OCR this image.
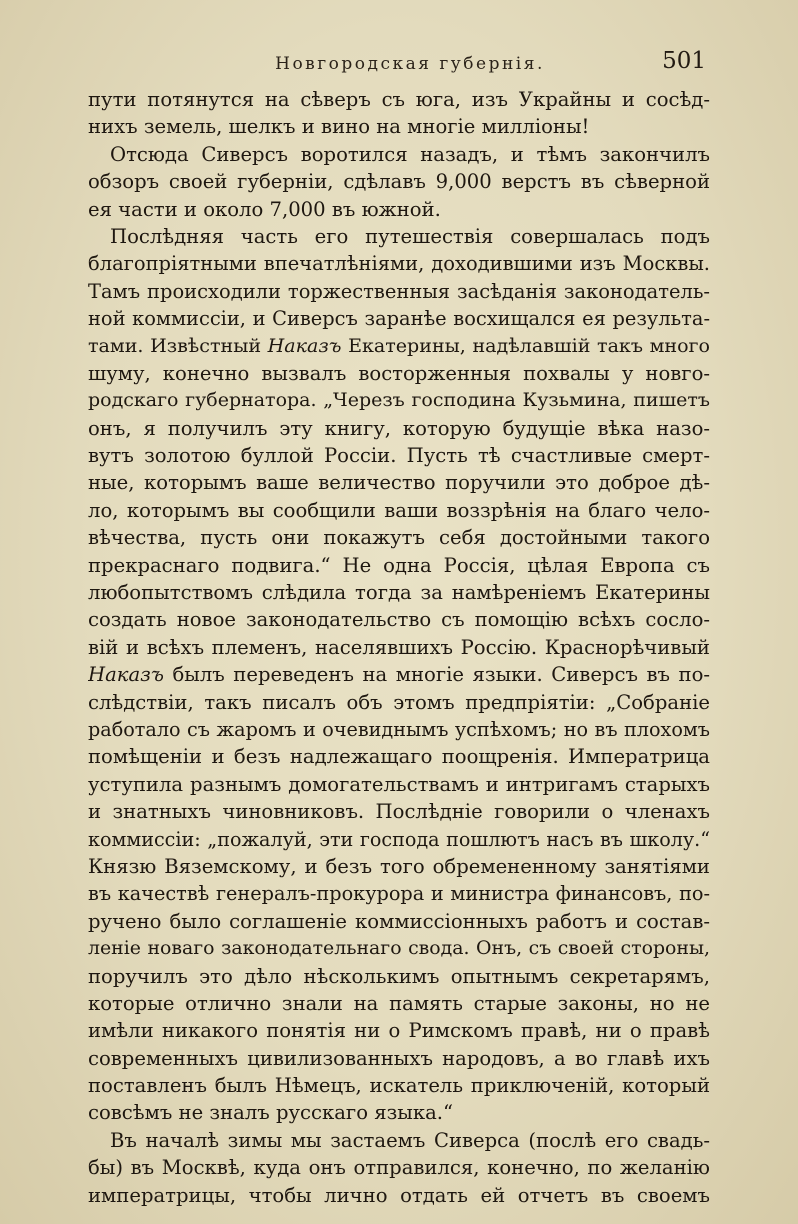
Новгородская губернія.	501
пути потянутся на сѣверъ съ юга, изъ Украйны и сосѣд-
нихъ земель, шелкъ и вино на многіе милліоны!
Отсюда Сиверсъ воротился назадъ, и тѣмъ закончилъ
обзоръ своей губерніи, сдѣлавъ 9,000 верстъ въ сѣверной
ея части и около 7,000 въ южной.
Послѣдняя часть его путешествія совершалась подъ
благопріятными впечатлѣніями, доходившими изъ Москвы.
Тамъ происходили торжественныя засѣданія законодатель-
ной коммиссіи, и Сиверсъ заранѣе восхищался ея результа-
тами. Извѣстный Наказъ Екатерины, надѣлавшій такъ много
шуму, конечно вызвалъ восторженныя похвалы у новго-
родскаго губернатора. „Черезъ господина Кузьмина, пишетъ
онъ, я получилъ эту книгу, которую будущіе вѣка назо-
вутъ золотою буллой Россіи. Пусть тѣ счастливые смерт-
ные, которымъ ваше величество поручили это доброе дѣ-
ло, которымъ вы сообщили ваши воззрѣнія на благо чело-
вѣчества, пусть они покажутъ себя достойными такого
прекраснаго подвига.“ Не одна Россія, цѣлая Европа съ
любопытствомъ слѣдила тогда за намѣреніемъ Екатерины
создать новое законодательство съ помощію всѣхъ сосло-
вій и всѣхъ племенъ, населявшихъ Россію. Краснорѣчивый
Наказъ былъ переведенъ на многіе языки. Сиверсъ въ по-
слѣдствіи, такъ писалъ объ этомъ предпріятіи: „Собраніе
работало съ жаромъ и очевиднымъ успѣхомъ; но въ плохомъ
помѣщеніи и безъ надлежащаго поощренія. Императрица
уступила разнымъ домогательствамъ и интригамъ старыхъ
и знатныхъ чиновниковъ. Послѣдніе говорили о членахъ
коммиссіи: „пожалуй, эти господа пошлютъ насъ въ школу.“
Князю Вяземскому, и безъ того обремененному занятіями
въ качествѣ генералъ-прокурора и министра финансовъ, по-
ручено было соглашеніе коммиссіонныхъ работъ и состав-
леніе новаго законодательнаго свода. Онъ, съ своей стороны,
поручилъ это дѣло нѣсколькимъ опытнымъ секретарямъ,
которые отлично знали на память старые законы, но не
имѣли никакого понятія ни о Римскомъ правѣ, ни о правѣ
современныхъ цивилизованныхъ народовъ, а во главѣ ихъ
поставленъ былъ Нѣмецъ, искатель приключеній, который
совсѣмъ не зналъ русскаго языка.“
Въ началѣ зимы мы застаемъ Сиверса (послѣ его свадь-
бы) въ Москвѣ, куда онъ отправился, конечно, по желанію
императрицы, чтобы лично отдать ей отчетъ въ своемъ
